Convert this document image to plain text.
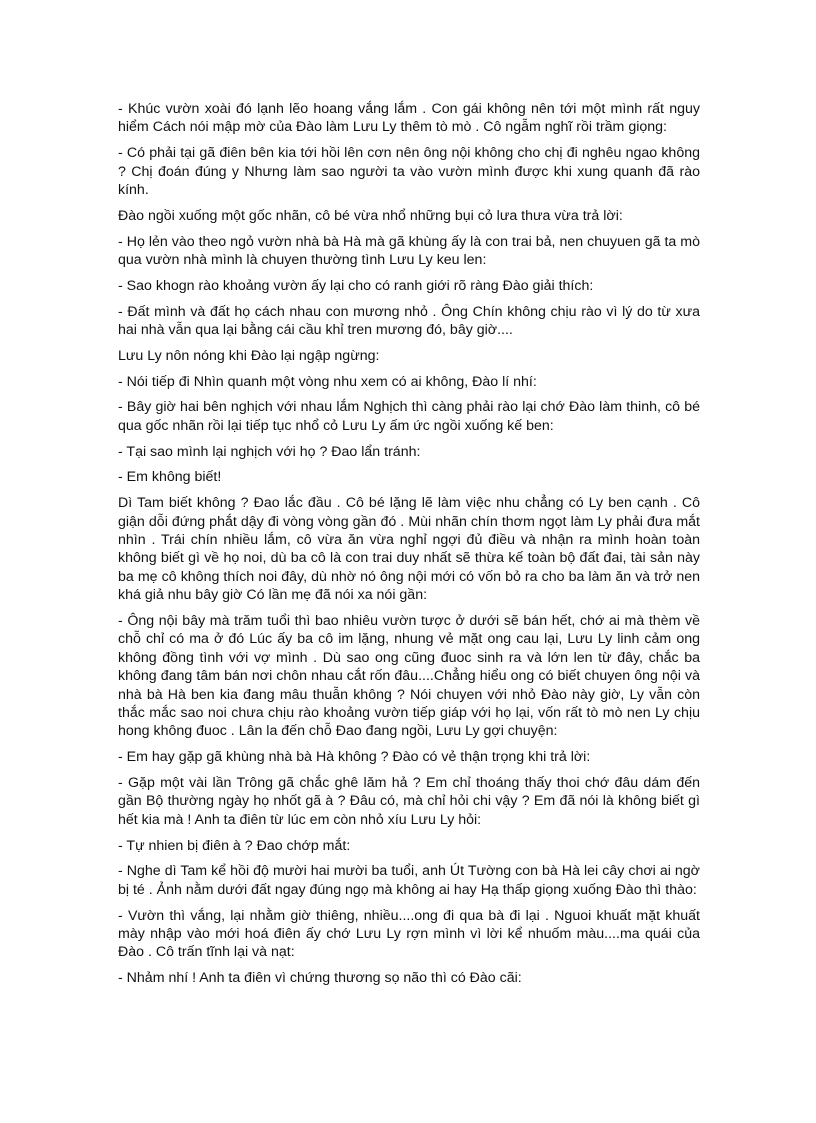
- Khúc vườn xoài đó lạnh lẽo hoang vắng lắm . Con gái không nên tới một mình rất nguy hiểm Cách nói mập mờ của Đào làm Lưu Ly thêm tò mò . Cô ngẫm nghĩ rồi trầm giọng:

- Có phải tại gã điên bên kia tới hồi lên cơn nên ông nội không cho chị đi nghêu ngao không ? Chị đoán đúng y Nhưng làm sao người ta vào vườn mình được khi xung quanh đã rào kính.

Đào ngồi xuống một gốc nhãn, cô bé vừa nhổ những bụi cỏ lưa thưa vừa trả lời:

- Họ lẻn vào theo ngỏ vườn nhà bà Hà mà gã khùng ấy là con trai bả, nen chuyuen gã ta mò qua vườn nhà mình là chuyen thường tình Lưu Ly keu len:

- Sao khogn rào khoảng vườn ấy lại cho có ranh giới rõ ràng Đào giải thích:

- Đất mình và đất họ cách nhau con mương nhỏ . Ông Chín không chịu rào vì lý do từ xưa hai nhà vẫn qua lại bằng cái cầu khỉ tren mương đó, bây giờ....

Lưu Ly nôn nóng khi Đào lại ngập ngừng:

- Nói tiếp đi Nhìn quanh một vòng nhu xem có ai không, Đào lí nhí:

- Bây giờ hai bên nghịch với nhau lắm Nghịch thì càng phải rào lại chớ Đào làm thinh, cô bé qua gốc nhãn rồi lại tiếp tục nhổ cỏ Lưu Ly ấm ức ngồi xuống kế ben:

- Tại sao mình lại nghịch với họ ? Đao lẩn tránh:

- Em không biết!

Dì Tam biết không ? Đao lắc đầu . Cô bé lặng lẽ làm việc nhu chẳng có Ly ben cạnh . Cô giận dỗi đứng phắt dậy đi vòng vòng gần đó . Mùi nhãn chín thơm ngọt làm Ly phải đưa mắt nhìn . Trái chín nhiều lắm, cô vừa ăn vừa nghỉ ngợi đủ điều và nhận ra mình hoàn toàn không biết gì về họ noi, dù ba cô là con trai duy nhất sẽ thừa kế toàn bộ đất đai, tài sản này ba mẹ cô không thích noi đây, dù nhờ nó ông nội mới có vốn bỏ ra cho ba làm ăn và trở nen khá giả nhu bây giờ Có lần mẹ đã nói xa nói gần:

- Ông nội bây mà trăm tuổi thì bao nhiêu vườn tược ở dưới sẽ bán hết, chớ ai mà thèm về chỗ chỉ có ma ở đó Lúc ấy ba cô im lặng, nhung vẻ mặt ong cau lại, Lưu Ly linh cảm ong không đồng tình với vợ mình . Dù sao ong cũng đuoc sinh ra và lớn len từ đây, chắc ba không đang tâm bán nơi chôn nhau cắt rốn đâu....Chẳng hiểu ong có biết chuyen ông nội và nhà bà Hà ben kia đang mâu thuẫn không ? Nói chuyen với nhỏ Đào này giờ, Ly vẫn còn thắc mắc sao noi chưa chịu rào khoảng vườn tiếp giáp với họ lại, vốn rất tò mò nen Ly chịu hong không đuoc . Lân la đến chỗ Đao đang ngồi, Lưu Ly gợi chuyện:

- Em hay gặp gã khùng nhà bà Hà không ? Đào có vẻ thận trọng khi trả lời:

- Gặp một vài lần Trông gã chắc ghê lăm hả ? Em chỉ thoáng thấy thoi chớ đâu dám đến gần Bộ thường ngày họ nhốt gã à ? Đâu có, mà chỉ hỏi chi vậy ? Em đã nói là không biết gì hết kia mà ! Anh ta điên từ lúc em còn nhỏ xíu Lưu Ly hỏi:

- Tự nhien bị điên à ? Đao chớp mắt:

- Nghe dì Tam kể hồi độ mười hai mười ba tuổi, anh Út Tường con bà Hà lei cây chơi ai ngờ bị té . Ảnh nằm dưới đất ngay đúng ngọ mà không ai hay Hạ thấp giọng xuống Đào thì thào:

- Vườn thì vắng, lại nhằm giờ thiêng, nhiều....ong đi qua bà đi lại . Nguoi khuất mặt khuất mày nhập vào mới hoá điên ấy chớ Lưu Ly rợn mình vì lời kể nhuốm màu....ma quái của Đào . Cô trấn tĩnh lại và nạt:

- Nhảm nhí ! Anh ta điên vì chứng thương sọ não thì có Đào cãi:
